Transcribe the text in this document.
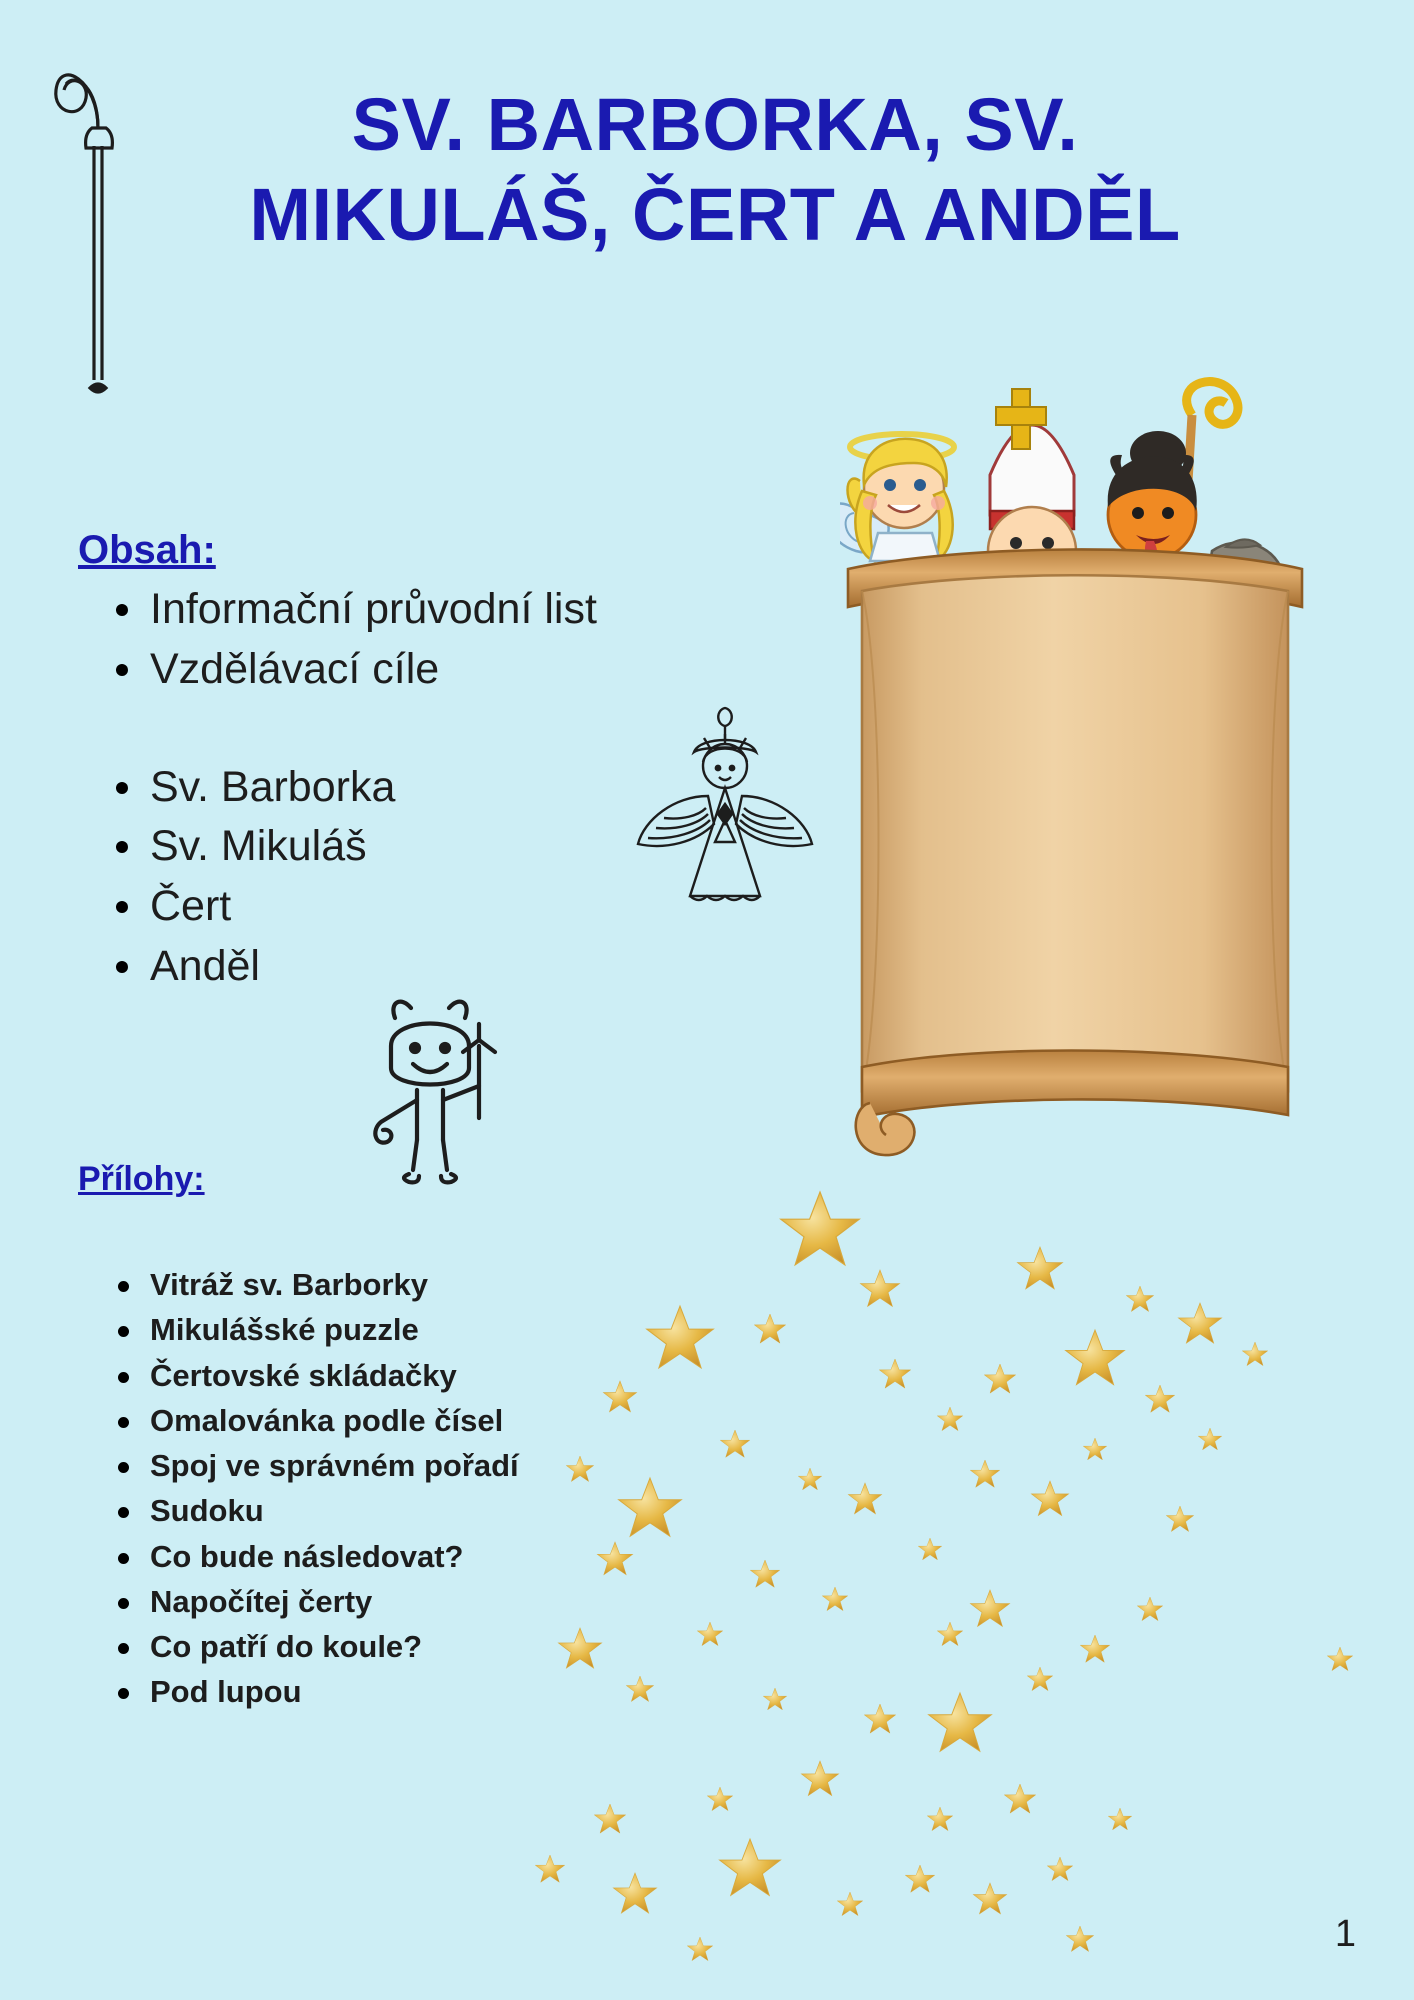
SV. BARBORKA, SV.
MIKULÁŠ, ČERT A ANDĚL
Obsah:
Informační průvodní list
Vzdělávací cíle
Sv. Barborka
Sv. Mikuláš
Čert
Anděl
Přílohy:
Vitráž sv. Barborky
Mikulášské puzzle
Čertovské skládačky
Omalovánka podle čísel
Spoj ve správném pořadí
Sudoku
Co bude následovat?
Napočítej čerty
Co patří do koule?
Pod lupou
1
